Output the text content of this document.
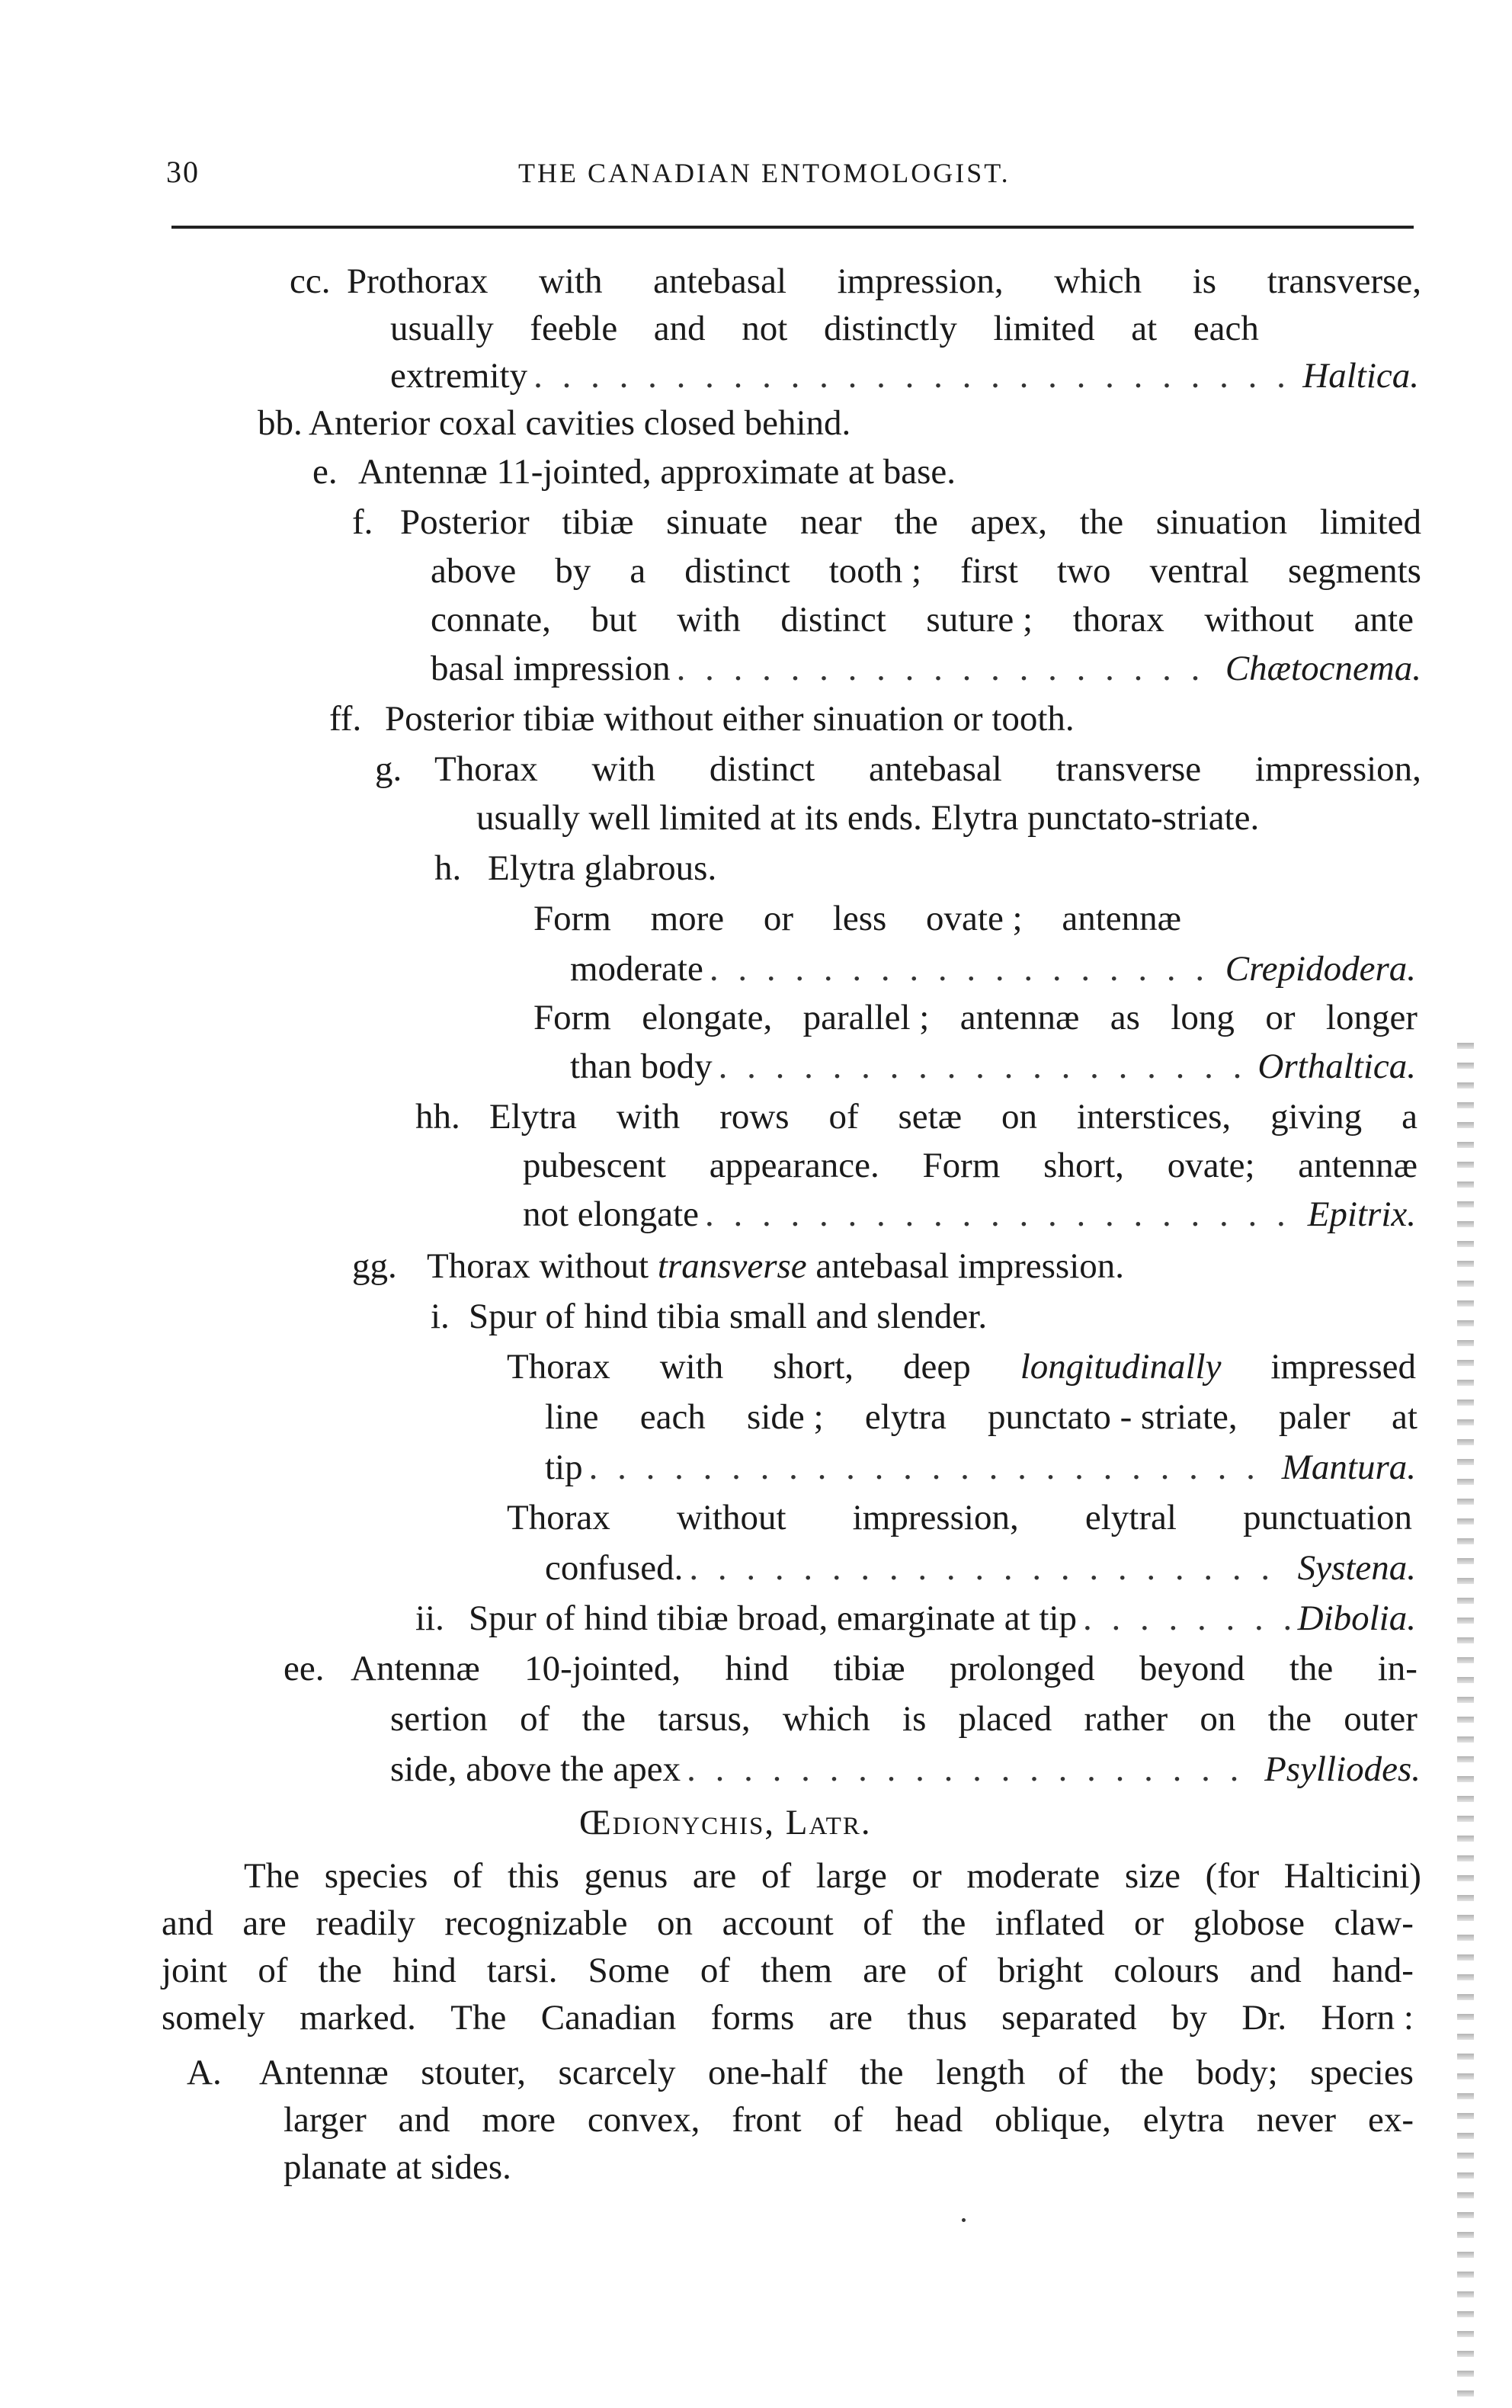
30	THE CANADIAN ENTOMOLOGIST.
cc. Prothorax with antebasal impression, which is transverse,
usually feeble and not distinctly limited at each
extremity . . .	Haltica.
bb. Anterior coxal cavities closed behind.
e. Antennæ 11-jointed, approximate at base.
f. Posterior tibiæ sinuate near the apex, the sinuation limited
above by a distinct tooth ; first two ventral segments
connate, but with distinct suture ; thorax without ante
basal impression . . .	Chætocnema.
ff. Posterior tibiæ without either sinuation or tooth.
g. Thorax with distinct antebasal transverse impression,
usually well limited at its ends. Elytra punctato-striate.
h. Elytra glabrous.
Form more or less ovate ; antennæ
moderate . . .	Crepidodera.
Form elongate, parallel ; antennæ as long or longer
than body . . .	Orthaltica.
hh. Elytra with rows of setæ on interstices, giving a
pubescent appearance. Form short, ovate; antennæ
not elongate . . .	Epitrix.
gg. Thorax without transverse antebasal impression.
i. Spur of hind tibia small and slender.
Thorax with short, deep longitudinally impressed
line each side ; elytra punctato - striate, paler at
tip . . .	Mantura.
Thorax without impression, elytral punctuation
confused. . . .	Systena.
ii. Spur of hind tibiæ broad, emarginate at tip . . .	Dibolia.
ee. Antennæ 10-jointed, hind tibiæ prolonged beyond the in-
sertion of the tarsus, which is placed rather on the outer
side, above the apex . . .	Psylliodes.
Œdionychis, Latr.
The species of this genus are of large or moderate size (for Halticini)
and are readily recognizable on account of the inflated or globose claw-
joint of the hind tarsi. Some of them are of bright colours and hand-
somely marked. The Canadian forms are thus separated by Dr. Horn :
A. Antennæ stouter, scarcely one-half the length of the body; species
larger and more convex, front of head oblique, elytra never ex-
planate at sides.
